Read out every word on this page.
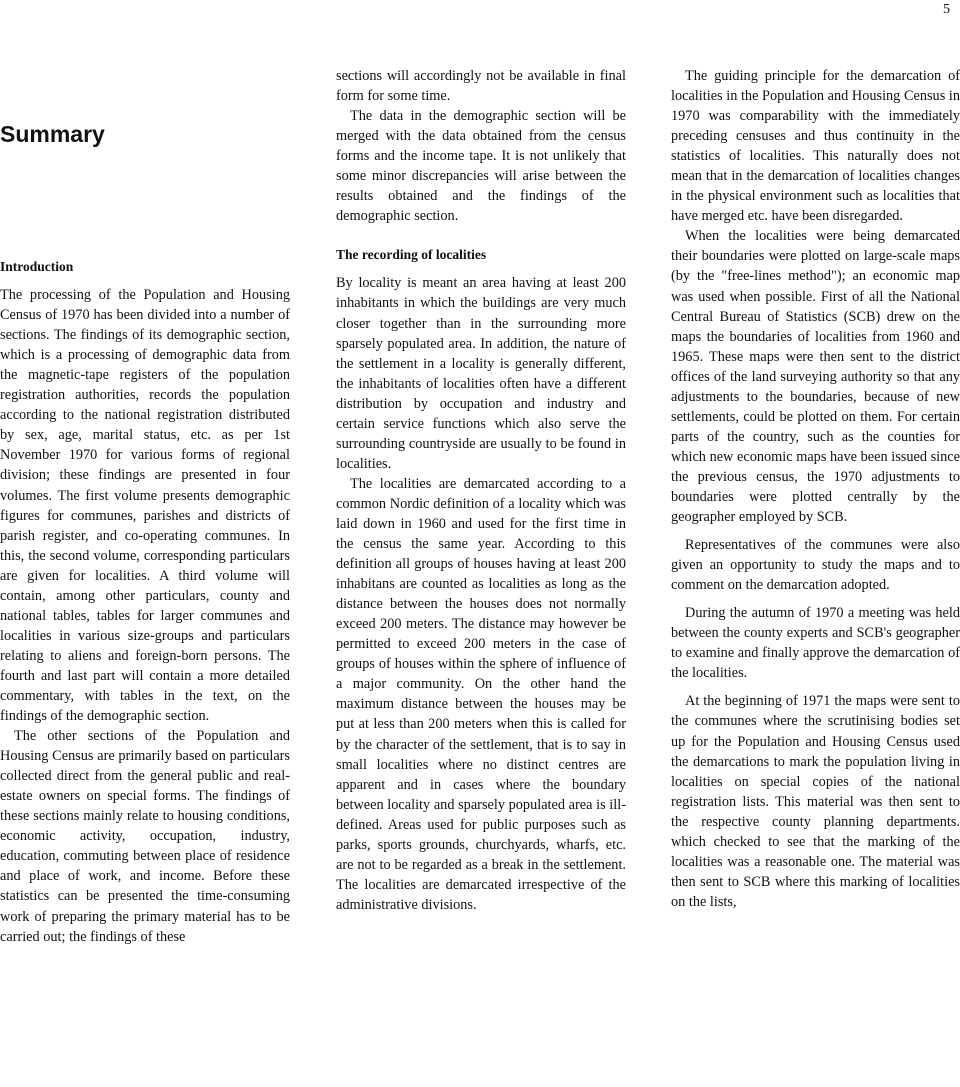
5
Summary
Introduction

The processing of the Population and Housing Census of 1970 has been divided into a number of sections. The findings of its demographic section, which is a processing of demographic data from the magnetic-tape registers of the population registration authorities, records the population according to the national registration distributed by sex, age, marital status, etc. as per 1st November 1970 for various forms of regional division; these findings are presented in four volumes. The first volume presents demographic figures for communes, parishes and districts of parish register, and co-operating communes. In this, the second volume, corresponding particulars are given for localities. A third volume will contain, among other particulars, county and national tables, tables for larger communes and localities in various size-groups and particulars relating to aliens and foreign-born persons. The fourth and last part will contain a more detailed commentary, with tables in the text, on the findings of the demographic section.

The other sections of the Population and Housing Census are primarily based on particulars collected direct from the general public and real-estate owners on special forms. The findings of these sections mainly relate to housing conditions, economic activity, occupation, industry, education, commuting between place of residence and place of work, and income. Before these statistics can be presented the time-consuming work of preparing the primary material has to be carried out; the findings of these

sections will accordingly not be available in final form for some time.

The data in the demographic section will be merged with the data obtained from the census forms and the income tape. It is not unlikely that some minor discrepancies will arise between the results obtained and the findings of the demographic section.

The recording of localities

By locality is meant an area having at least 200 inhabitants in which the buildings are very much closer together than in the surrounding more sparsely populated area. In addition, the nature of the settlement in a locality is generally different, the inhabitants of localities often have a different distribution by occupation and industry and certain service functions which also serve the surrounding countryside are usually to be found in localities.

The localities are demarcated according to a common Nordic definition of a locality which was laid down in 1960 and used for the first time in the census the same year. According to this definition all groups of houses having at least 200 inhabitans are counted as localities as long as the distance between the houses does not normally exceed 200 meters. The distance may however be permitted to exceed 200 meters in the case of groups of houses within the sphere of influence of a major community. On the other hand the maximum distance between the houses may be put at less than 200 meters when this is called for by the character of the settlement, that is to say in small localities where no distinct centres are apparent and in cases where the boundary between locality and sparsely populated area is ill-defined. Areas used for public purposes such as parks, sports grounds, churchyards, wharfs, etc. are not to be regarded as a break in the settlement. The localities are demarcated irrespective of the administrative divisions.

The guiding principle for the demarcation of localities in the Population and Housing Census in 1970 was comparability with the immediately preceding censuses and thus continuity in the statistics of localities. This naturally does not mean that in the demarcation of localities changes in the physical environment such as localities that have merged etc. have been disregarded.

When the localities were being demarcated their boundaries were plotted on large-scale maps (by the "free-lines method"); an economic map was used when possible. First of all the National Central Bureau of Statistics (SCB) drew on the maps the boundaries of localities from 1960 and 1965. These maps were then sent to the district offices of the land surveying authority so that any adjustments to the boundaries, because of new settlements, could be plotted on them. For certain parts of the country, such as the counties for which new economic maps have been issued since the previous census, the 1970 adjustments to boundaries were plotted centrally by the geographer employed by SCB.

Representatives of the communes were also given an opportunity to study the maps and to comment on the demarcation adopted.

During the autumn of 1970 a meeting was held between the county experts and SCB's geographer to examine and finally approve the demarcation of the localities.

At the beginning of 1971 the maps were sent to the communes where the scrutinising bodies set up for the Population and Housing Census used the demarcations to mark the population living in localities on special copies of the national registration lists. This material was then sent to the respective county planning departments. which checked to see that the marking of the localities was a reasonable one. The material was then sent to SCB where this marking of localities on the lists,
